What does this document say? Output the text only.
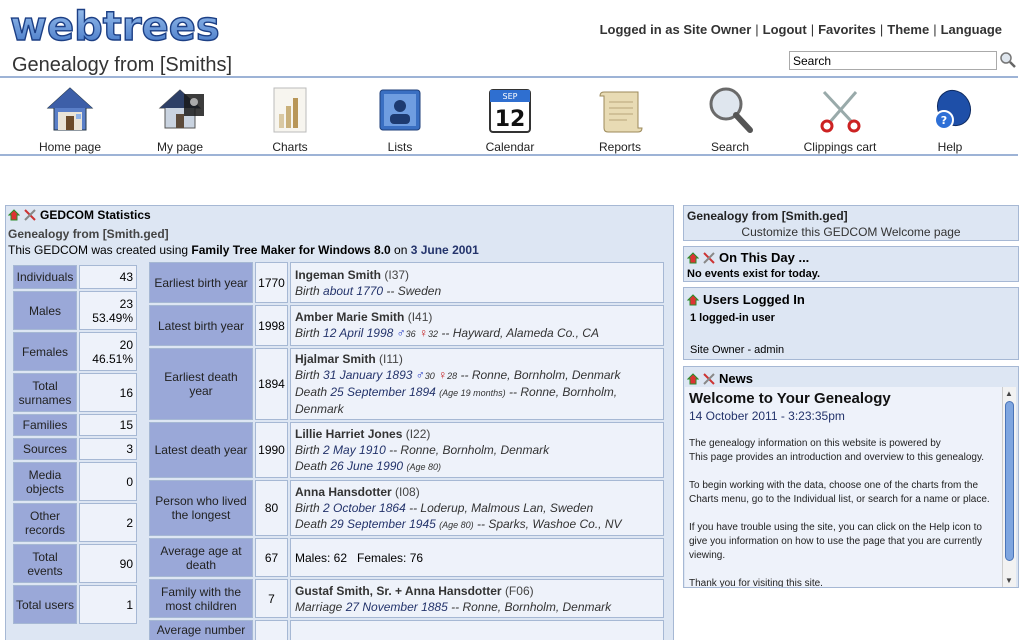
webtrees
Genealogy from [Smiths]
Logged in as Site Owner | Logout | Favorites | Theme | Language
Search
Home page	My page	Charts	Lists
SEP
12
Calendar	Reports	Search	Clippings cart
?
Help
GEDCOM Statistics
Genealogy from [Smith.ged]
This GEDCOM was created using Family Tree Maker for Windows 8.0 on 3 June 2001
Individuals	43
Males	23
53.49%
Females	20
46.51%
Total surnames	16
Families	15
Sources	3
Media objects	0
Other records	2
Total events	90
Total users	1
Earliest birth year	1770	Ingeman Smith (I37)
Birth about 1770 -- Sweden
Latest birth year	1998	Amber Marie Smith (I41)
Birth 12 April 1998 ♂36 ♀32 -- Hayward, Alameda Co., CA
Earliest death year	1894	Hjalmar Smith (I11)
Birth 31 January 1893 ♂30 ♀28 -- Ronne, Bornholm, Denmark
Death 25 September 1894 (Age 19 months) -- Ronne, Bornholm, Denmark
Latest death year	1990	Lillie Harriet Jones (I22)
Birth 2 May 1910 -- Ronne, Bornholm, Denmark
Death 26 June 1990 (Age 80)
Person who lived the longest	80	Anna Hansdotter (I08)
Birth 2 October 1864 -- Loderup, Malmous Lan, Sweden
Death 29 September 1945 (Age 80) -- Sparks, Washoe Co., NV
Average age at death	67	Males: 62 Females: 76
Family with the most children	7	Gustaf Smith, Sr. + Anna Hansdotter (F06)
Marriage 27 November 1885 -- Ronne, Bornholm, Denmark
Average number		
Genealogy from [Smith.ged]
Customize this GEDCOM Welcome page
On This Day ...
No events exist for today.
Users Logged In
1 logged-in user
Site Owner - admin
News
Welcome to Your Genealogy
14 October 2011 - 3:23:35pm
The genealogy information on this website is powered by
This page provides an introduction and overview to this genealogy.
To begin working with the data, choose one of the charts from the Charts menu, go to the Individual list, or search for a name or place.
If you have trouble using the site, you can click on the Help icon to give you information on how to use the page that you are currently viewing.
Thank you for visiting this site.
▲
▼
